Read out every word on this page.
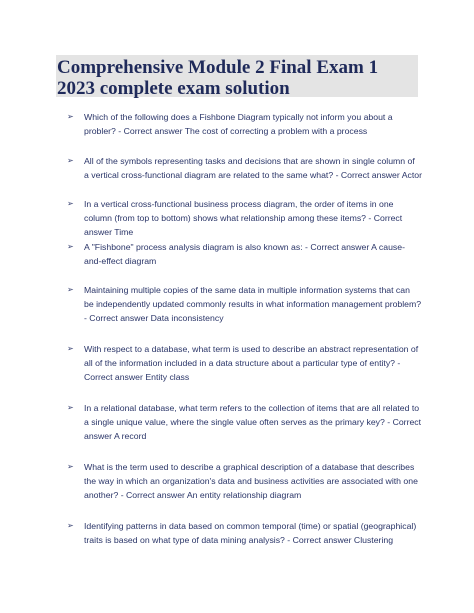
Comprehensive Module 2 Final Exam 1 2023 complete exam solution
➢ Which of the following does a Fishbone Diagram typically not inform you about a probler? - Correct answer The cost of correcting a problem with a process
➢ All of the symbols representing tasks and decisions that are shown in single column of a vertical cross-functional diagram are related to the same what? - Correct answer Actor
➢ In a vertical cross-functional business process diagram, the order of items in one column (from top to bottom) shows what relationship among these items? - Correct answer Time
➢ A "Fishbone" process analysis diagram is also known as: - Correct answer A cause-and-effect diagram
➢ Maintaining multiple copies of the same data in multiple information systems that can be independently updated commonly results in what information management problem? - Correct answer Data inconsistency
➢ With respect to a database, what term is used to describe an abstract representation of all of the information included in a data structure about a particular type of entity? - Correct answer Entity class
➢ In a relational database, what term refers to the collection of items that are all related to a single unique value, where the single value often serves as the primary key? - Correct answer A record
➢ What is the term used to describe a graphical description of a database that describes the way in which an organization's data and business activities are associated with one another? - Correct answer An entity relationship diagram
➢ Identifying patterns in data based on common temporal (time) or spatial (geographical) traits is based on what type of data mining analysis? - Correct answer Clustering
